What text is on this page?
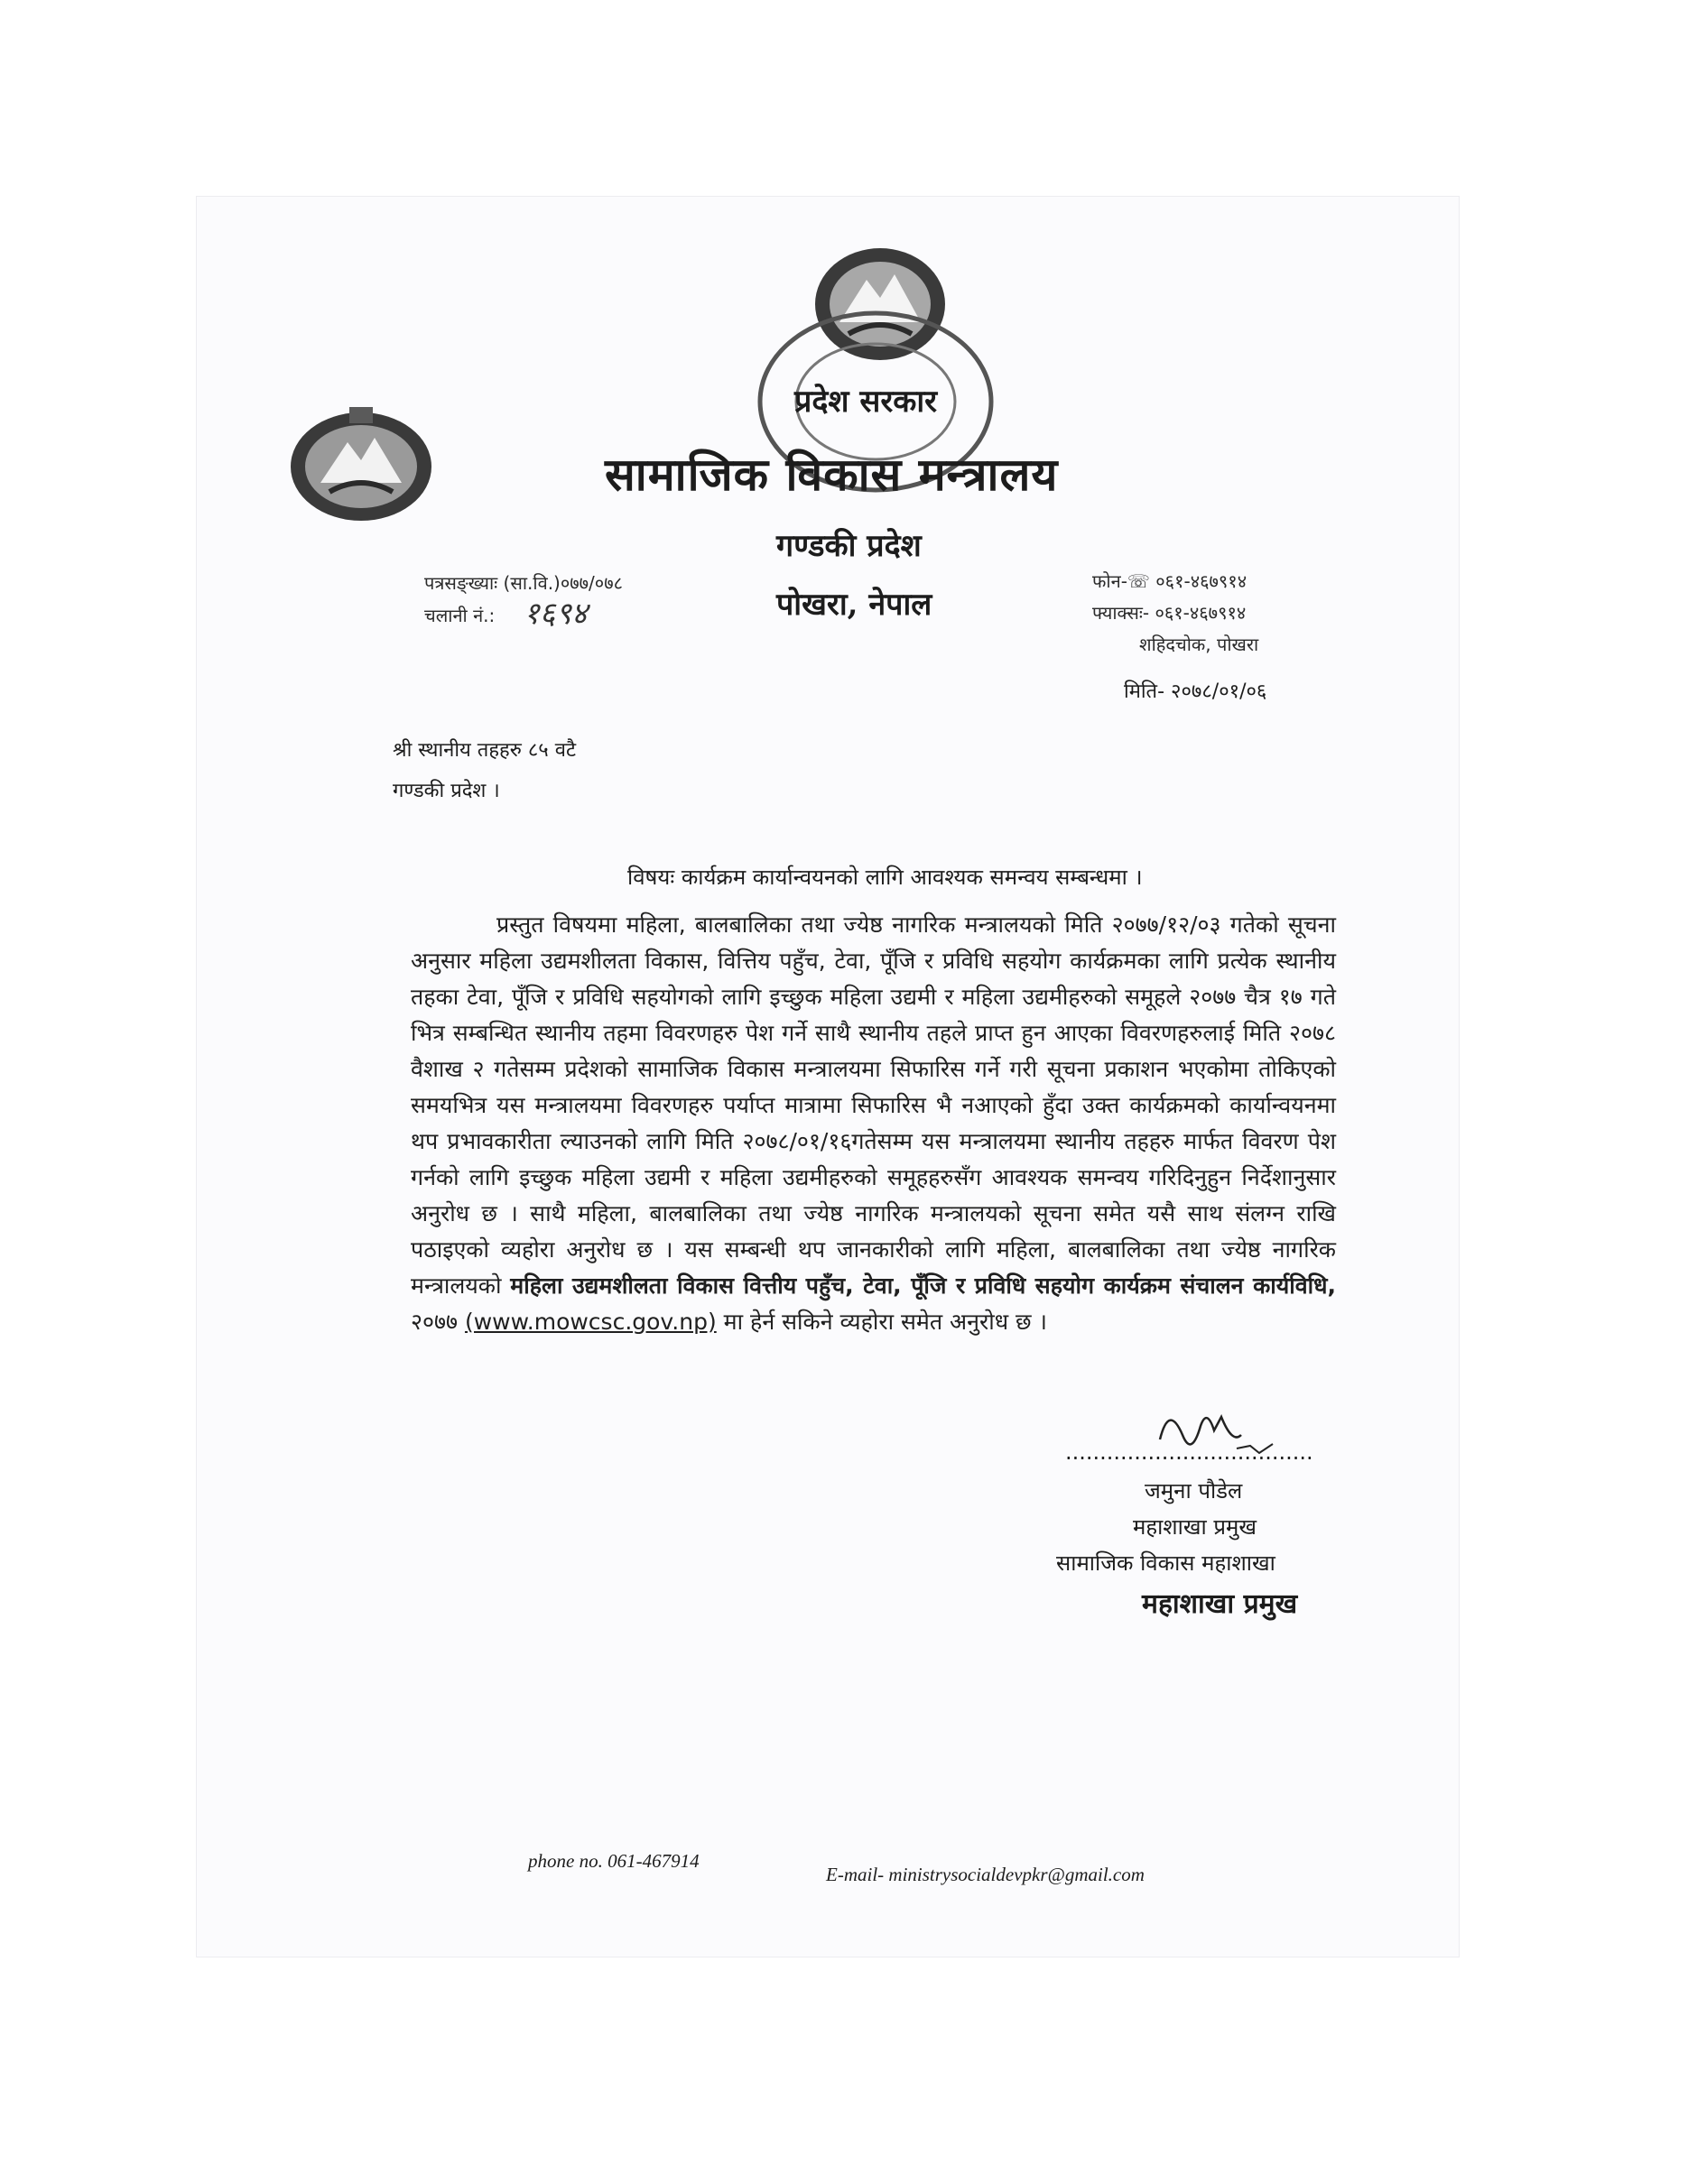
प्रदेश सरकार
सामाजिक विकास मन्त्रालय
गण्डकी प्रदेश
पोखरा, नेपाल
पत्रसङ्ख्याः (सा.वि.)०७७/०७८
चलानी नं.: १६९४
फोन-☏ ०६१-४६७९१४
फ्याक्सः- ०६१-४६७९१४
शहिदचोक, पोखरा
मिति- २०७८/०१/०६
श्री स्थानीय तहहरु ८५ वटै
गण्डकी प्रदेश ।
विषयः कार्यक्रम कार्यान्वयनको लागि आवश्यक समन्वय सम्बन्धमा ।
प्रस्तुत विषयमा महिला, बालबालिका तथा ज्येष्ठ नागरिक मन्त्रालयको मिति २०७७/१२/०३ गतेको सूचना अनुसार महिला उद्यमशीलता विकास, वित्तिय पहुँच, टेवा, पूँजि र प्रविधि सहयोग कार्यक्रमका लागि प्रत्येक स्थानीय तहका टेवा, पूँजि र प्रविधि सहयोगको लागि इच्छुक महिला उद्यमी र महिला उद्यमीहरुको समूहले २०७७ चैत्र १७ गते भित्र सम्बन्धित स्थानीय तहमा विवरणहरु पेश गर्ने साथै स्थानीय तहले प्राप्त हुन आएका विवरणहरुलाई मिति २०७८ वैशाख २ गतेसम्म प्रदेशको सामाजिक विकास मन्त्रालयमा सिफारिस गर्ने गरी सूचना प्रकाशन भएकोमा तोकिएको समयभित्र यस मन्त्रालयमा विवरणहरु पर्याप्त मात्रामा सिफारिस भै नआएको हुँदा उक्त कार्यक्रमको कार्यान्वयनमा थप प्रभावकारीता ल्याउनको लागि मिति २०७८/०१/१६गतेसम्म यस मन्त्रालयमा स्थानीय तहहरु मार्फत विवरण पेश गर्नको लागि इच्छुक महिला उद्यमी र महिला उद्यमीहरुको समूहहरुसँग आवश्यक समन्वय गरिदिनुहुन निर्देशानुसार अनुरोध छ । साथै महिला, बालबालिका तथा ज्येष्ठ नागरिक मन्त्रालयको सूचना समेत यसै साथ संलग्न राखि पठाइएको व्यहोरा अनुरोध छ । यस सम्बन्धी थप जानकारीको लागि महिला, बालबालिका तथा ज्येष्ठ नागरिक मन्त्रालयको महिला उद्यमशीलता विकास वित्तीय पहुँच, टेवा, पूँजि र प्रविधि सहयोग कार्यक्रम संचालन कार्यविधि, २०७७ (www.mowcsc.gov.np) मा हेर्न सकिने व्यहोरा समेत अनुरोध छ ।
....................................
जमुना पौडेल
महाशाखा प्रमुख
सामाजिक विकास महाशाखा
महाशाखा प्रमुख
phone no. 061-467914
E-mail- ministrysocialdevpkr@gmail.com
